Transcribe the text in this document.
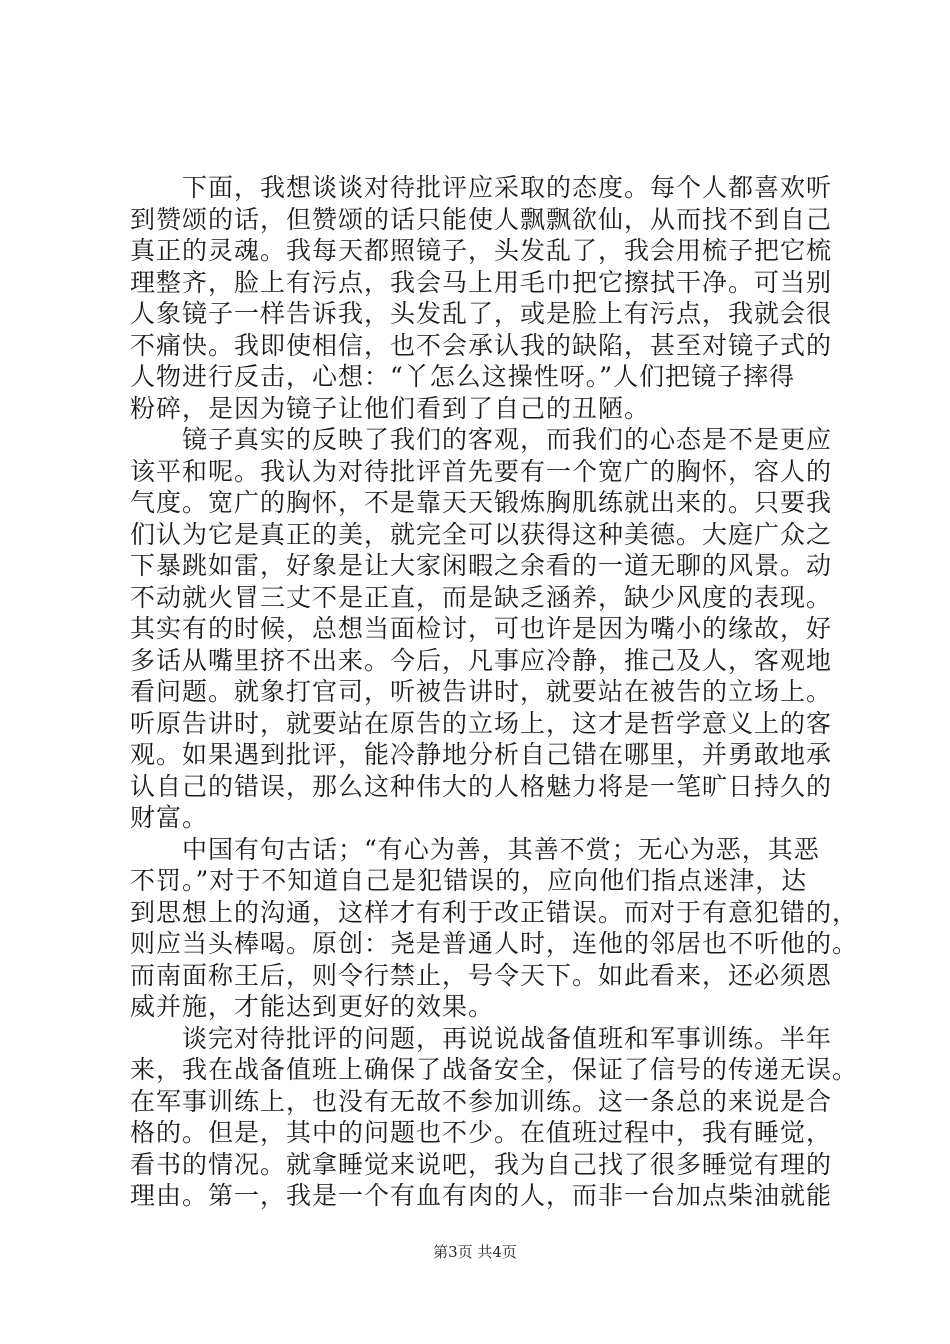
　　下面，我想谈谈对待批评应采取的态度。每个人都喜欢听
到赞颂的话，但赞颂的话只能使人飘飘欲仙，从而找不到自己
真正的灵魂。我每天都照镜子，头发乱了，我会用梳子把它梳
理整齐，脸上有污点，我会马上用毛巾把它擦拭干净。可当别
人象镜子一样告诉我，头发乱了，或是脸上有污点，我就会很
不痛快。我即使相信，也不会承认我的缺陷，甚至对镜子式的
人物进行反击，心想：“丫怎么这操性呀。”人们把镜子摔得
粉碎，是因为镜子让他们看到了自己的丑陋。
　　镜子真实的反映了我们的客观，而我们的心态是不是更应
该平和呢。我认为对待批评首先要有一个宽广的胸怀，容人的
气度。宽广的胸怀，不是靠天天锻炼胸肌练就出来的。只要我
们认为它是真正的美，就完全可以获得这种美德。大庭广众之
下暴跳如雷，好象是让大家闲暇之余看的一道无聊的风景。动
不动就火冒三丈不是正直，而是缺乏涵养，缺少风度的表现。
其实有的时候，总想当面检讨，可也许是因为嘴小的缘故，好
多话从嘴里挤不出来。今后，凡事应冷静，推己及人，客观地
看问题。就象打官司，听被告讲时，就要站在被告的立场上。
听原告讲时，就要站在原告的立场上，这才是哲学意义上的客
观。如果遇到批评，能冷静地分析自己错在哪里，并勇敢地承
认自己的错误，那么这种伟大的人格魅力将是一笔旷日持久的
财富。
　　中国有句古话；“有心为善，其善不赏；无心为恶，其恶
不罚。”对于不知道自己是犯错误的，应向他们指点迷津，达
到思想上的沟通，这样才有利于改正错误。而对于有意犯错的，
则应当头棒喝。原创：尧是普通人时，连他的邻居也不听他的。
而南面称王后，则令行禁止，号令天下。如此看来，还必须恩
威并施，才能达到更好的效果。
　　谈完对待批评的问题，再说说战备值班和军事训练。半年
来，我在战备值班上确保了战备安全，保证了信号的传递无误。
在军事训练上，也没有无故不参加训练。这一条总的来说是合
格的。但是，其中的问题也不少。在值班过程中，我有睡觉，
看书的情况。就拿睡觉来说吧，我为自己找了很多睡觉有理的
理由。第一，我是一个有血有肉的人，而非一台加点柴油就能
第3页 共4页
